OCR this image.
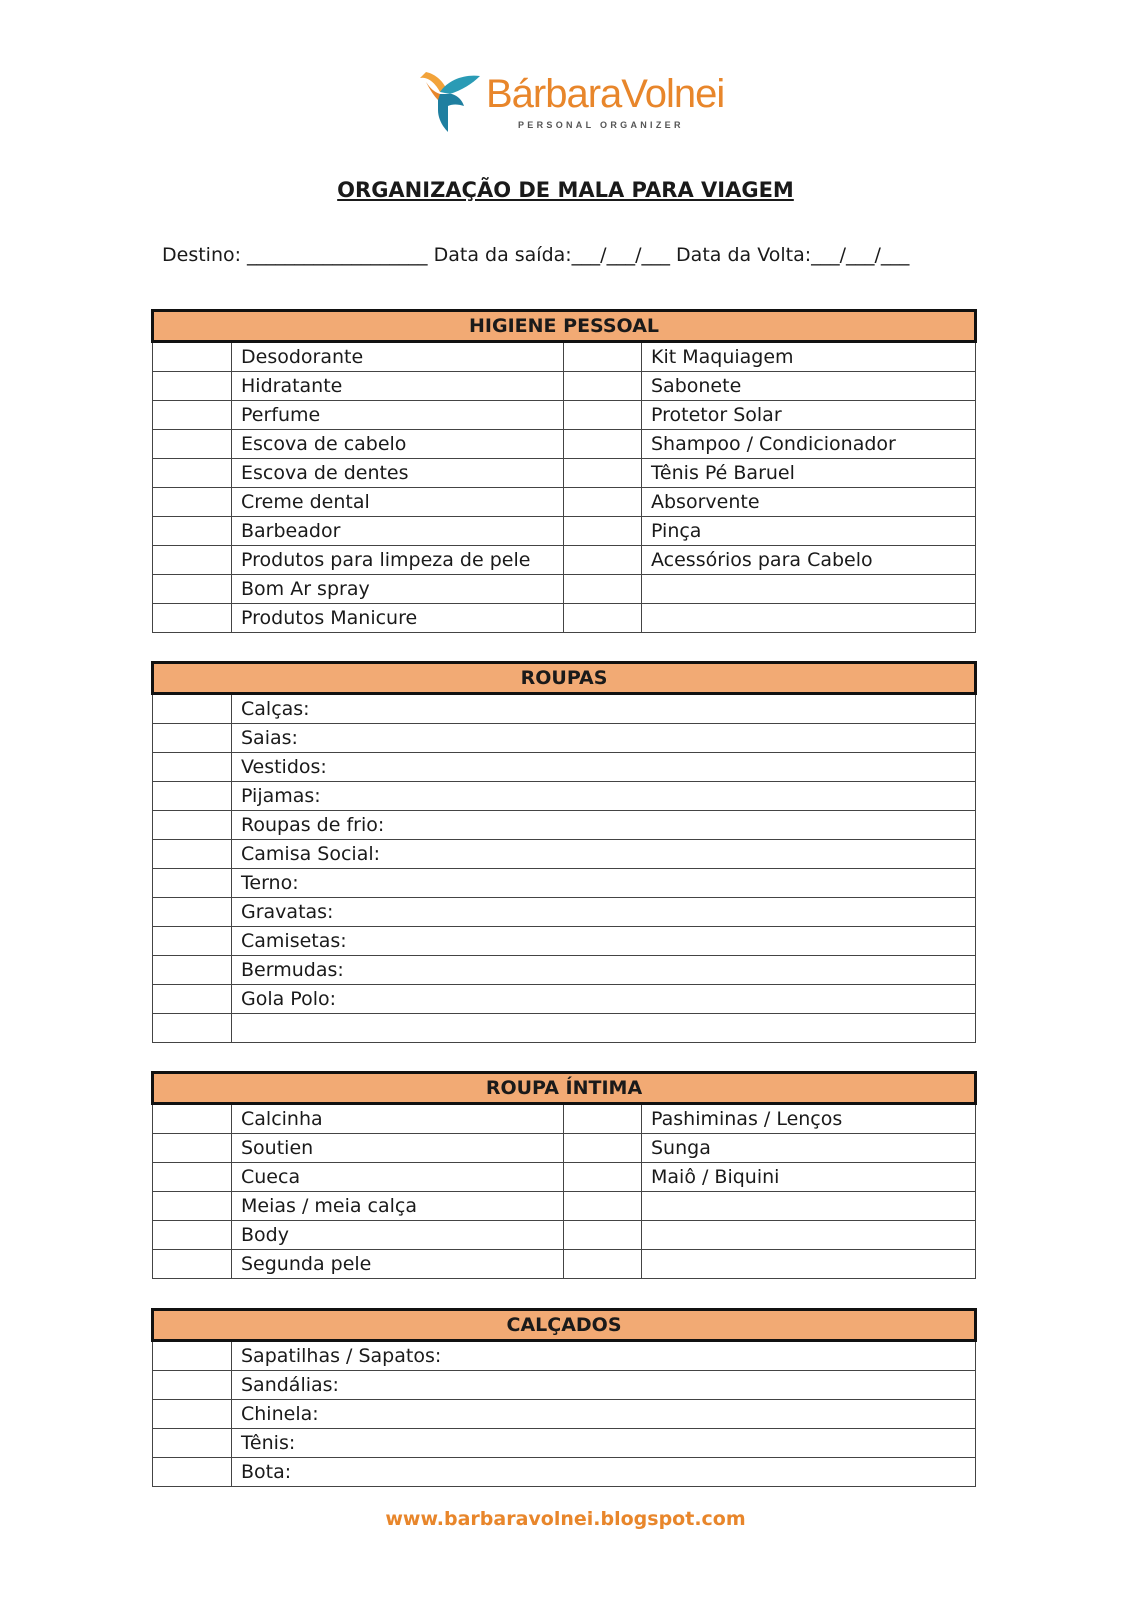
BárbaraVolnei
PERSONAL ORGANIZER
ORGANIZAÇÃO DE MALA PARA VIAGEM
Destino: ___________________ Data da saída:___/___/___ Data da Volta:___/___/___
HIGIENE PESSOAL			
	Desodorante		Kit Maquiagem
	Hidratante		Sabonete
	Perfume		Protetor Solar
	Escova de cabelo		Shampoo / Condicionador
	Escova de dentes		Tênis Pé Baruel
	Creme dental		Absorvente
	Barbeador		Pinça
	Produtos para limpeza de pele		Acessórios para Cabelo
	Bom Ar spray		
	Produtos Manicure		
ROUPAS	
	Calças:
	Saias:
	Vestidos:
	Pijamas:
	Roupas de frio:
	Camisa Social:
	Terno:
	Gravatas:
	Camisetas:
	Bermudas:
	Gola Polo:

ROUPA ÍNTIMA			
	Calcinha		Pashiminas / Lenços
	Soutien		Sunga
	Cueca		Maiô / Biquini
	Meias / meia calça		
	Body		
	Segunda pele		
CALÇADOS	
	Sapatilhas / Sapatos:
	Sandálias:
	Chinela:
	Tênis:
	Bota:
www.barbaravolnei.blogspot.com
